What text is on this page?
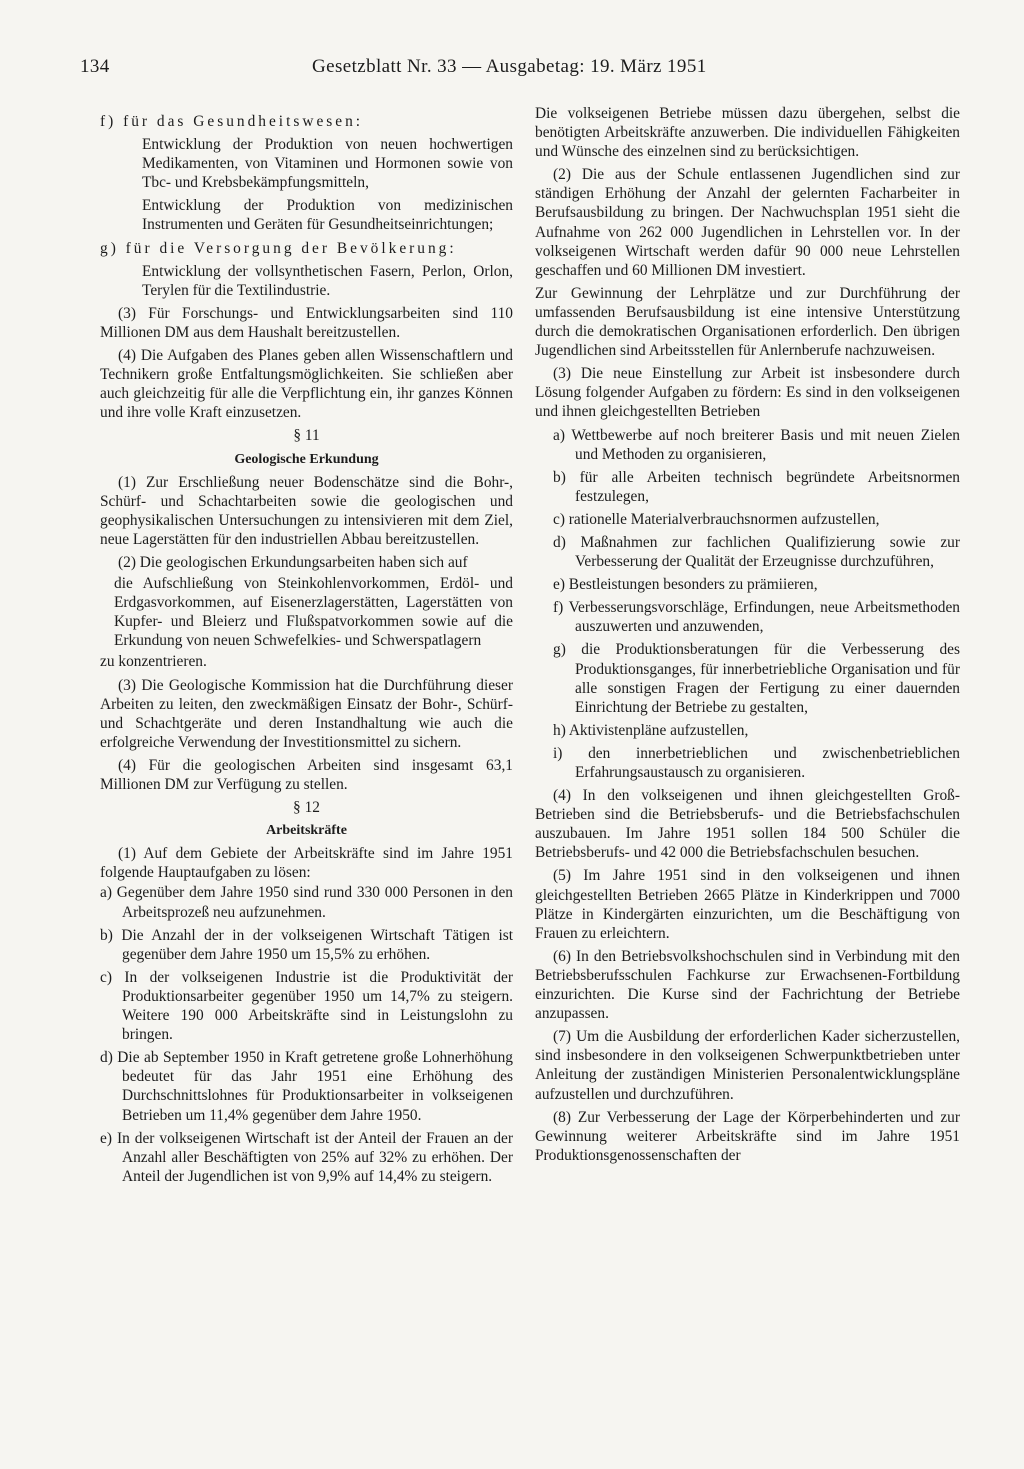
134	Gesetzblatt Nr. 33 — Ausgabetag: 19. März 1951

f) für das Gesundheitswesen:

Entwicklung der Produktion von neuen hochwertigen Medikamenten, von Vitaminen und Hormonen sowie von Tbc- und Krebsbekämpfungsmitteln,

Entwicklung der Produktion von medizinischen Instrumenten und Geräten für Gesundheitseinrichtungen;

g) für die Versorgung der Bevölkerung:

Entwicklung der vollsynthetischen Fasern, Perlon, Orlon, Terylen für die Textilindustrie.

(3) Für Forschungs- und Entwicklungsarbeiten sind 110 Millionen DM aus dem Haushalt bereitzustellen.

(4) Die Aufgaben des Planes geben allen Wissenschaftlern und Technikern große Entfaltungsmöglichkeiten. Sie schließen aber auch gleichzeitig für alle die Verpflichtung ein, ihr ganzes Können und ihre volle Kraft einzusetzen.

§ 11

Geologische Erkundung

(1) Zur Erschließung neuer Bodenschätze sind die Bohr-, Schürf- und Schachtarbeiten sowie die geologischen und geophysikalischen Untersuchungen zu intensivieren mit dem Ziel, neue Lagerstätten für den industriellen Abbau bereitzustellen.

(2) Die geologischen Erkundungsarbeiten haben sich auf

die Aufschließung von Steinkohlenvorkommen, Erdöl- und Erdgasvorkommen, auf Eisenerzlagerstätten, Lagerstätten von Kupfer- und Bleierz und Flußspatvorkommen sowie auf die Erkundung von neuen Schwefelkies- und Schwerspatlagern

zu konzentrieren.

(3) Die Geologische Kommission hat die Durchführung dieser Arbeiten zu leiten, den zweckmäßigen Einsatz der Bohr-, Schürf- und Schachtgeräte und deren Instandhaltung wie auch die erfolgreiche Verwendung der Investitionsmittel zu sichern.

(4) Für die geologischen Arbeiten sind insgesamt 63,1 Millionen DM zur Verfügung zu stellen.

§ 12

Arbeitskräfte

(1) Auf dem Gebiete der Arbeitskräfte sind im Jahre 1951 folgende Hauptaufgaben zu lösen:

a) Gegenüber dem Jahre 1950 sind rund 330 000 Personen in den Arbeitsprozeß neu aufzunehmen.

b) Die Anzahl der in der volkseigenen Wirtschaft Tätigen ist gegenüber dem Jahre 1950 um 15,5% zu erhöhen.

c) In der volkseigenen Industrie ist die Produktivität der Produktionsarbeiter gegenüber 1950 um 14,7% zu steigern. Weitere 190 000 Arbeitskräfte sind in Leistungslohn zu bringen.

d) Die ab September 1950 in Kraft getretene große Lohnerhöhung bedeutet für das Jahr 1951 eine Erhöhung des Durchschnittslohnes für Produktionsarbeiter in volkseigenen Betrieben um 11,4% gegenüber dem Jahre 1950.

e) In der volkseigenen Wirtschaft ist der Anteil der Frauen an der Anzahl aller Beschäftigten von 25% auf 32% zu erhöhen. Der Anteil der Jugendlichen ist von 9,9% auf 14,4% zu steigern.

Die volkseigenen Betriebe müssen dazu übergehen, selbst die benötigten Arbeitskräfte anzuwerben. Die individuellen Fähigkeiten und Wünsche des einzelnen sind zu berücksichtigen.

(2) Die aus der Schule entlassenen Jugendlichen sind zur ständigen Erhöhung der Anzahl der gelernten Facharbeiter in Berufsausbildung zu bringen. Der Nachwuchsplan 1951 sieht die Aufnahme von 262 000 Jugendlichen in Lehrstellen vor. In der volkseigenen Wirtschaft werden dafür 90 000 neue Lehrstellen geschaffen und 60 Millionen DM investiert.

Zur Gewinnung der Lehrplätze und zur Durchführung der umfassenden Berufsausbildung ist eine intensive Unterstützung durch die demokratischen Organisationen erforderlich. Den übrigen Jugendlichen sind Arbeitsstellen für Anlernberufe nachzuweisen.

(3) Die neue Einstellung zur Arbeit ist insbesondere durch Lösung folgender Aufgaben zu fördern: Es sind in den volkseigenen und ihnen gleichgestellten Betrieben

a) Wettbewerbe auf noch breiterer Basis und mit neuen Zielen und Methoden zu organisieren,

b) für alle Arbeiten technisch begründete Arbeitsnormen festzulegen,

c) rationelle Materialverbrauchsnormen aufzustellen,

d) Maßnahmen zur fachlichen Qualifizierung sowie zur Verbesserung der Qualität der Erzeugnisse durchzuführen,

e) Bestleistungen besonders zu prämiieren,

f) Verbesserungsvorschläge, Erfindungen, neue Arbeitsmethoden auszuwerten und anzuwenden,

g) die Produktionsberatungen für die Verbesserung des Produktionsganges, für innerbetriebliche Organisation und für alle sonstigen Fragen der Fertigung zu einer dauernden Einrichtung der Betriebe zu gestalten,

h) Aktivistenpläne aufzustellen,

i) den innerbetrieblichen und zwischenbetrieblichen Erfahrungsaustausch zu organisieren.

(4) In den volkseigenen und ihnen gleichgestellten Groß-Betrieben sind die Betriebsberufs- und die Betriebsfachschulen auszubauen. Im Jahre 1951 sollen 184 500 Schüler die Betriebsberufs- und 42 000 die Betriebsfachschulen besuchen.

(5) Im Jahre 1951 sind in den volkseigenen und ihnen gleichgestellten Betrieben 2665 Plätze in Kinderkrippen und 7000 Plätze in Kindergärten einzurichten, um die Beschäftigung von Frauen zu erleichtern.

(6) In den Betriebsvolkshochschulen sind in Verbindung mit den Betriebsberufsschulen Fachkurse zur Erwachsenen-Fortbildung einzurichten. Die Kurse sind der Fachrichtung der Betriebe anzupassen.

(7) Um die Ausbildung der erforderlichen Kader sicherzustellen, sind insbesondere in den volkseigenen Schwerpunktbetrieben unter Anleitung der zuständigen Ministerien Personalentwicklungspläne aufzustellen und durchzuführen.

(8) Zur Verbesserung der Lage der Körperbehinderten und zur Gewinnung weiterer Arbeitskräfte sind im Jahre 1951 Produktionsgenossenschaften der
